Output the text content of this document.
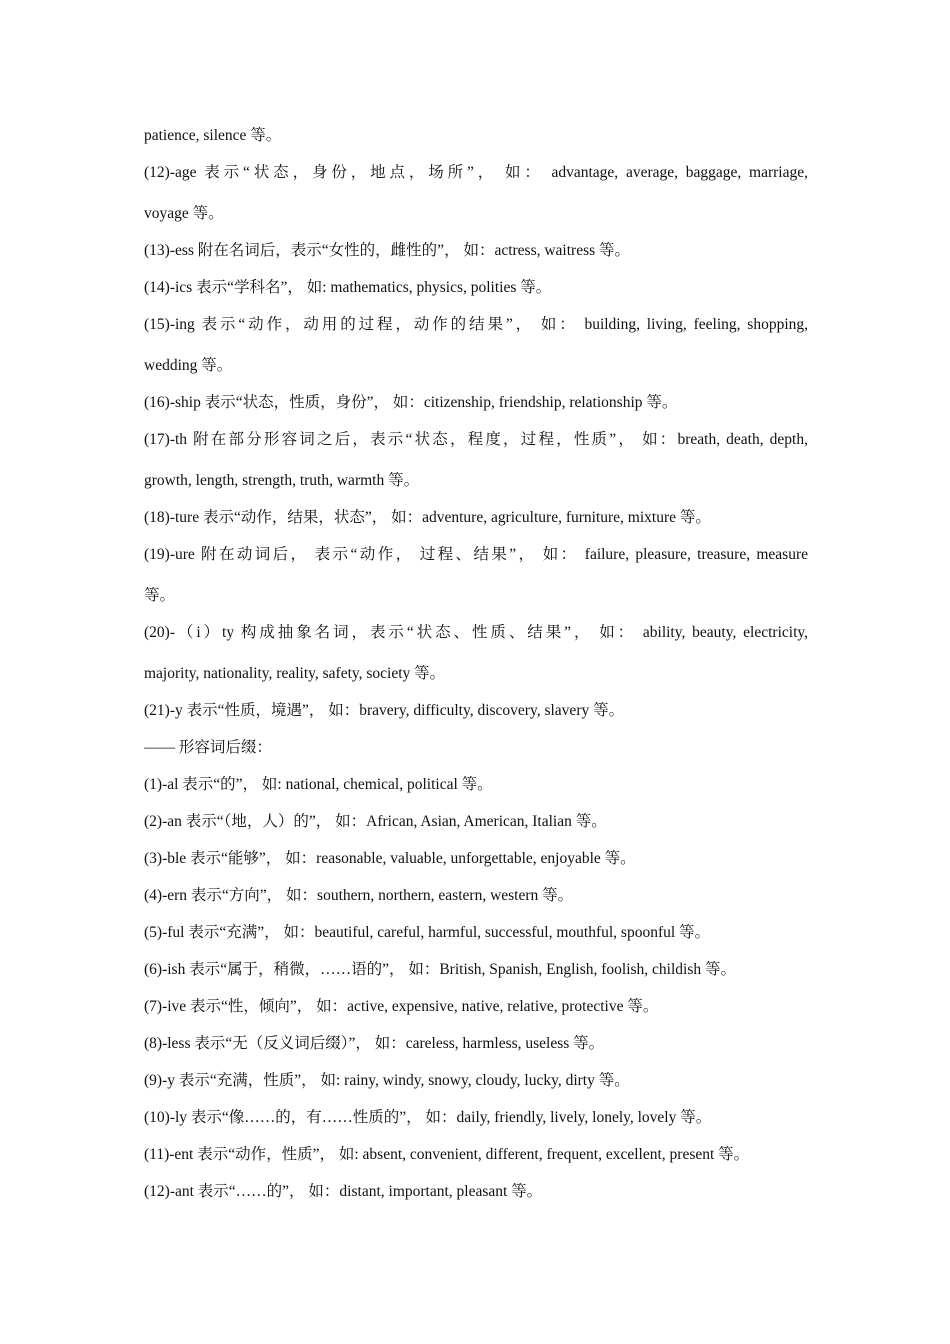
patience, silence 等。
(12)-age 表示“状态，身份，地点，场所”， 如： advantage, average, baggage, marriage,
voyage 等。
(13)-ess 附在名词后，表示“女性的，雌性的”， 如：actress, waitress 等。
(14)-ics 表示“学科名”， 如: mathematics, physics, polities 等。
(15)-ing 表示“动作，动用的过程，动作的结果”， 如： building, living, feeling, shopping,
wedding 等。
(16)-ship 表示“状态，性质，身份”， 如：citizenship, friendship, relationship 等。
(17)-th 附在部分形容词之后，表示“状态，程度，过程，性质”， 如：breath, death, depth,
growth, length, strength, truth, warmth 等。
(18)-ture 表示“动作，结果，状态”， 如：adventure, agriculture, furniture, mixture 等。
(19)-ure 附在动词后， 表示“动作， 过程、结果”， 如： failure, pleasure, treasure, measure
等。
(20)-（i）ty 构成抽象名词，表示“状态、性质、结果”， 如： ability, beauty, electricity,
majority, nationality, reality, safety, society 等。
(21)-y 表示“性质，境遇”， 如：bravery, difficulty, discovery, slavery 等。
—— 形容词后缀：
(1)-al 表示“的”， 如: national, chemical, political 等。
(2)-an 表示“（地，人）的”， 如：African, Asian, American, Italian 等。
(3)-ble 表示“能够”， 如：reasonable, valuable, unforgettable, enjoyable 等。
(4)-ern 表示“方向”， 如：southern, northern, eastern, western 等。
(5)-ful 表示“充满”， 如：beautiful, careful, harmful, successful, mouthful, spoonful 等。
(6)-ish 表示“属于，稍微，……语的”， 如：British, Spanish, English, foolish, childish 等。
(7)-ive 表示“性，倾向”， 如：active, expensive, native, relative, protective 等。
(8)-less 表示“无（反义词后缀）”， 如：careless, harmless, useless 等。
(9)-y 表示“充满，性质”， 如: rainy, windy, snowy, cloudy, lucky, dirty 等。
(10)-ly 表示“像……的，有……性质的”， 如：daily, friendly, lively, lonely, lovely 等。
(11)-ent 表示“动作，性质”， 如: absent, convenient, different, frequent, excellent, present 等。
(12)-ant 表示“……的”， 如：distant, important, pleasant 等。
